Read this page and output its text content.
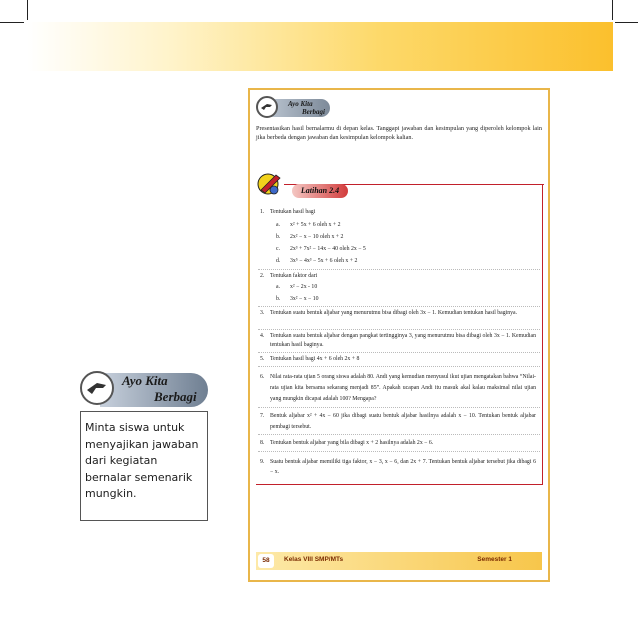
Ayo Kita
Berbagi
Presentasikan hasil bernalarmu di depan kelas. Tanggapi jawaban dan kesimpulan yang diperoleh kelompok lain jika berbeda dengan jawaban dan kesimpulan kelompok kalian.
Latihan 2.4
1. Tentukan hasil bagi
a. x² + 5x + 6 oleh x + 2
b. 2x² − x − 10 oleh x + 2
c. 2x³ + 7x² − 14x − 40 oleh 2x − 5
d. 3x⁵ − 4x³ − 5x + 6 oleh x + 2
2. Tentukan faktor dari
a. x² − 2x - 10
b. 3x² − x − 10
3. Tentukan suatu bentuk aljabar yang menurutmu bisa dibagi oleh 3x − 1. Kemudian tentukan hasil baginya.
4. Tentukan suatu bentuk aljabar dengan pangkat tertingginya 3, yang menurutmu bisa dibagi oleh 3x − 1. Kemudian tentukan hasil baginya.
5. Tentukan hasil bagi 4x + 6 oleh 2x + 8
6. Nilai rata-rata ujian 5 orang siswa adalah 80. Andi yang kemudian menyusul ikut ujian mengatakan bahwa “Nilai-rata ujian kita bersama sekarang menjadi 85”. Apakah ucapan Andi itu masuk akal kalau maksimal nilai ujian yang mungkin dicapai adalah 100? Mengapa?
7. Bentuk aljabar x² + 4x − 60 jika dibagi suatu bentuk aljabar hasilnya adalah x − 10. Tentukan bentuk aljabar pembagi tersebut.
8. Tentukan bentuk aljabar yang bila dibagi x + 2 hasilnya adalah 2x − 6.
9. Suatu bentuk aljabar memiliki tiga faktor, x − 3, x − 6, dan 2x + 7. Tentukan bentuk aljabar tersebut jika dibagi 6 − x.
58	Kelas VIII SMP/MTs	Semester 1
Ayo Kita
Berbagi
Minta siswa untuk menyajikan jawaban dari kegiatan bernalar semenarik mungkin.
